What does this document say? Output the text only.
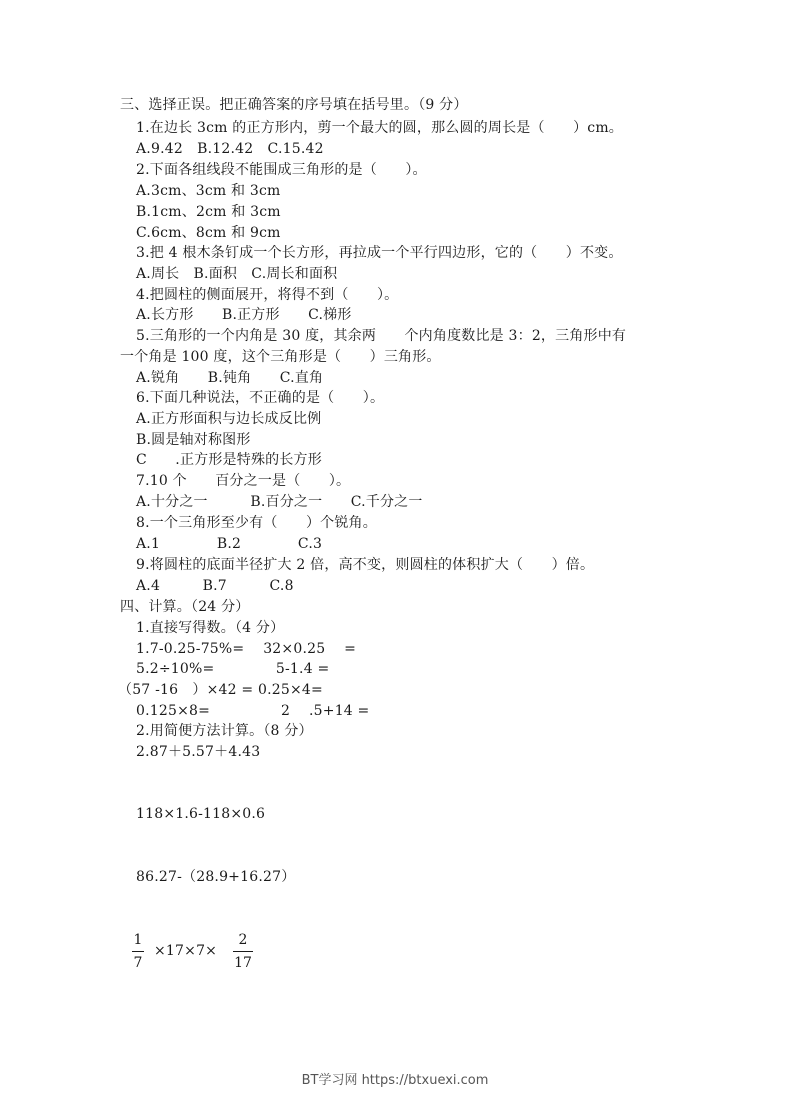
三、选择正误。把正确答案的序号填在括号里。（9 分）
1.在边长 3cm 的正方形内，剪一个最大的圆，那么圆的周长是（　　）cm。
A.9.42　B.12.42　C.15.42
2.下面各组线段不能围成三角形的是（　　）。
A.3cm、3cm 和 3cm
B.1cm、2cm 和 3cm
C.6cm、8cm 和 9cm
3.把 4 根木条钉成一个长方形，再拉成一个平行四边形，它的（　　）不变。
A.周长　B.面积　C.周长和面积
4.把圆柱的侧面展开，将得不到（　　）。
A.长方形　　B.正方形　　C.梯形
5.三角形的一个内角是 30 度，其余两　　个内角度数比是 3：2，三角形中有
一个角是 100 度，这个三角形是（　　）三角形。
A.锐角　　B.钝角　　C.直角
6.下面几种说法，不正确的是（　　）。
A.正方形面积与边长成反比例
B.圆是轴对称图形
C　　.正方形是特殊的长方形
7.10 个　　百分之一是（　　）。
A.十分之一　　　B.百分之一　　C.千分之一
8.一个三角形至少有（　　）个锐角。
A.1　　　　B.2　　　　C.3
9.将圆柱的底面半径扩大 2 倍，高不变，则圆柱的体积扩大（　　）倍。
A.4　　　B.7　　　C.8
四、计算。（24 分）
1.直接写得数。（4 分）
1.7-0.25-75%=　 32×0.25　 =
5.2÷10%=　　　　 5-1.4 =
（57 -16　）×42 = 0.25×4=
0.125×8=　　　　　2　 .5+14 =
2.用简便方法计算。（8 分）
2.87＋5.57＋4.43
118×1.6-118×0.6
86.27-（28.9+16.27）
1
7
×17×7×
2
17
BT学习网 https://btxuexi.com
